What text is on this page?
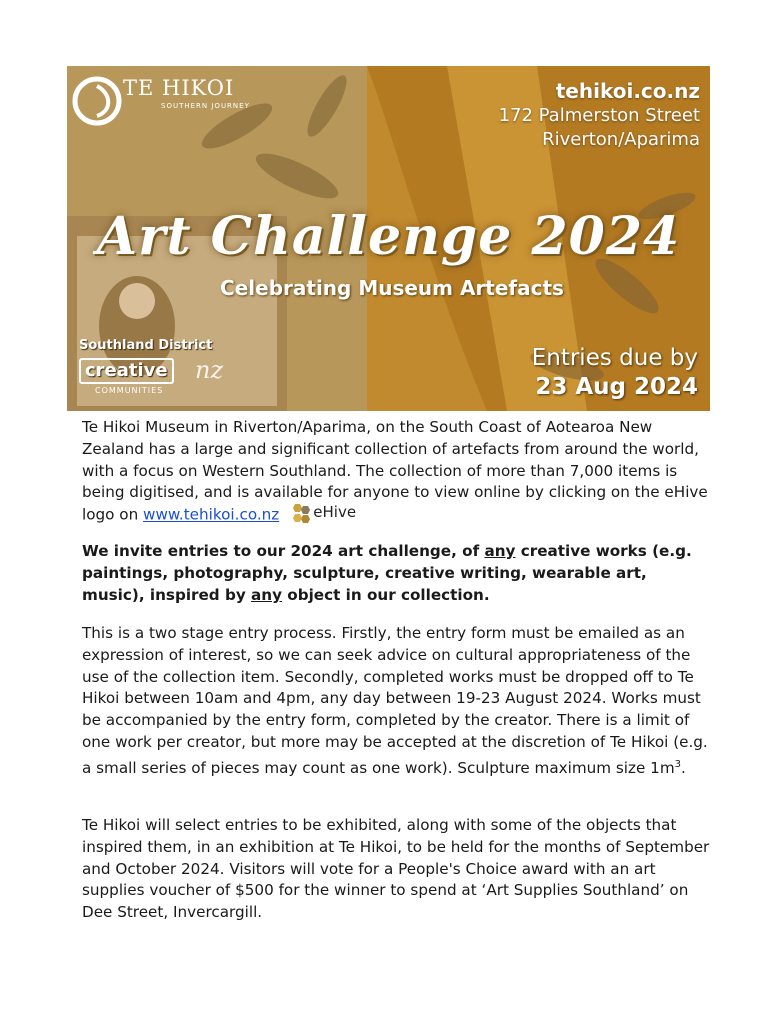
TE HIKOI
SOUTHERN JOURNEY
tehikoi.co.nz
172 Palmerston Street
Riverton/Aparima
Art Challenge 2024
Celebrating Museum Artefacts
Southland District
creative
COMMUNITIES
nz	Entries due by
23 Aug 2024

Te Hikoi Museum in Riverton/Aparima, on the South Coast of Aotearoa New Zealand has a large and significant collection of artefacts from around the world, with a focus on Western Southland. The collection of more than 7,000 items is being digitised, and is available for anyone to view online by clicking on the eHive logo on www.tehikoi.co.nz eHive

We invite entries to our 2024 art challenge, of any creative works (e.g. paintings, photography, sculpture, creative writing, wearable art, music), inspired by any object in our collection.

This is a two stage entry process. Firstly, the entry form must be emailed as an expression of interest, so we can seek advice on cultural appropriateness of the use of the collection item. Secondly, completed works must be dropped off to Te Hikoi between 10am and 4pm, any day between 19-23 August 2024. Works must be accompanied by the entry form, completed by the creator. There is a limit of one work per creator, but more may be accepted at the discretion of Te Hikoi (e.g. a small series of pieces may count as one work). Sculpture maximum size $1m^3$.

Te Hikoi will select entries to be exhibited, along with some of the objects that inspired them, in an exhibition at Te Hikoi, to be held for the months of September and October 2024. Visitors will vote for a People's Choice award with an art supplies voucher of $500 for the winner to spend at ‘Art Supplies Southland’ on Dee Street, Invercargill.
